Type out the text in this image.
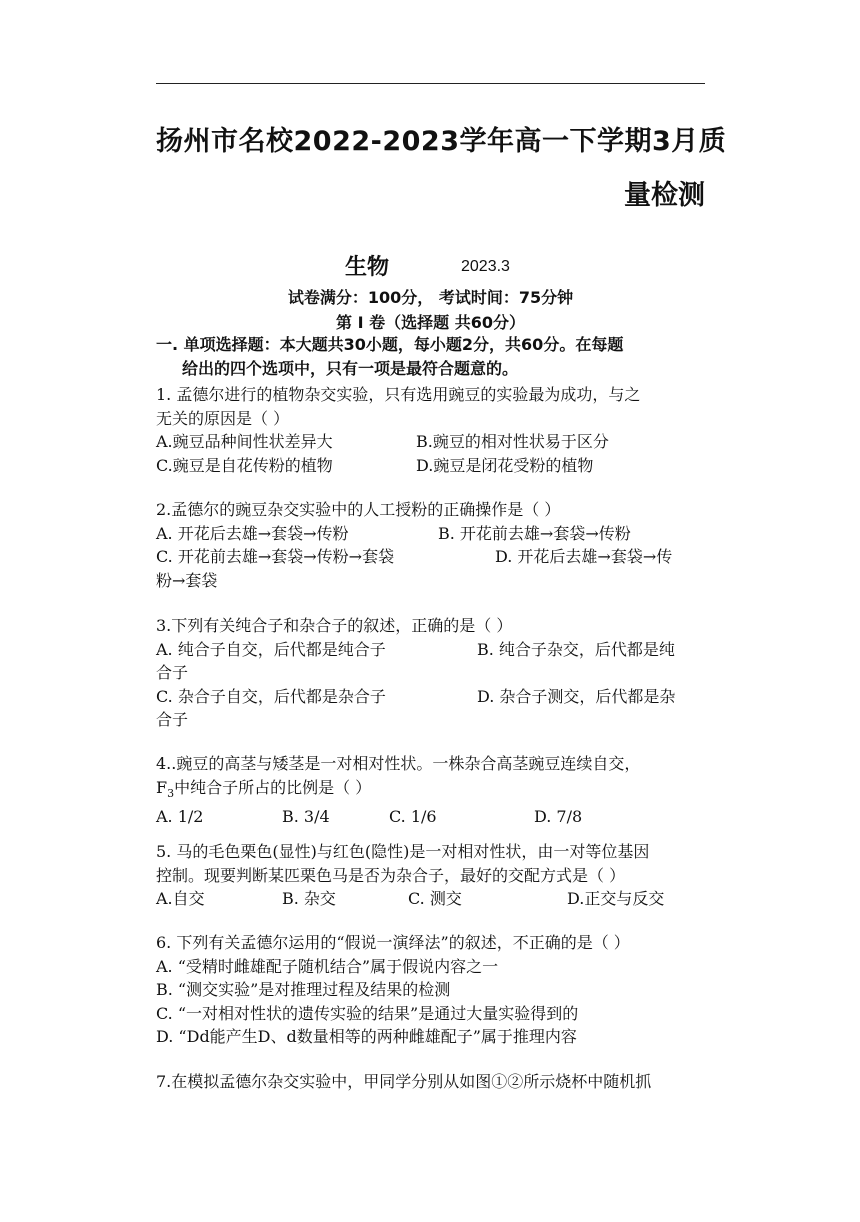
扬州市名校2022-2023学年高一下学期3月质
量检测
生物	2023.3
试卷满分：100分， 考试时间：75分钟
第 Ⅰ 卷（选择题 共60分）
一. 单项选择题：本大题共30小题，每小题2分，共60分。在每题
给出的四个选项中，只有一项是最符合题意的。
1. 孟德尔进行的植物杂交实验，只有选用豌豆的实验最为成功，与之
无关的原因是（ ）
A.豌豆品种间性状差异大	B.豌豆的相对性状易于区分
C.豌豆是自花传粉的植物	D.豌豆是闭花受粉的植物
2.孟德尔的豌豆杂交实验中的人工授粉的正确操作是（ ）
A. 开花后去雄→套袋→传粉	B. 开花前去雄→套袋→传粉
C. 开花前去雄→套袋→传粉→套袋	D. 开花后去雄→套袋→传
粉→套袋
3.下列有关纯合子和杂合子的叙述，正确的是（ ）
A. 纯合子自交，后代都是纯合子	B. 纯合子杂交，后代都是纯
合子
C. 杂合子自交，后代都是杂合子	D. 杂合子测交，后代都是杂
合子
4..豌豆的高茎与矮茎是一对相对性状。一株杂合高茎豌豆连续自交，
$F_3$中纯合子所占的比例是（ ）
A. 1/2	B. 3/4	C. 1/6	D. 7/8
5. 马的毛色栗色(显性)与红色(隐性)是一对相对性状，由一对等位基因
控制。现要判断某匹栗色马是否为杂合子，最好的交配方式是（ ）
A.自交	B. 杂交	C. 测交	D.正交与反交
6. 下列有关孟德尔运用的“假说一演绎法”的叙述，不正确的是（ ）
A. “受精时雌雄配子随机结合”属于假说内容之一
B. “测交实验”是对推理过程及结果的检测
C. “一对相对性状的遗传实验的结果”是通过大量实验得到的
D. “Dd能产生D、d数量相等的两种雌雄配子”属于推理内容
7.在模拟孟德尔杂交实验中，甲同学分别从如图①②所示烧杯中随机抓
